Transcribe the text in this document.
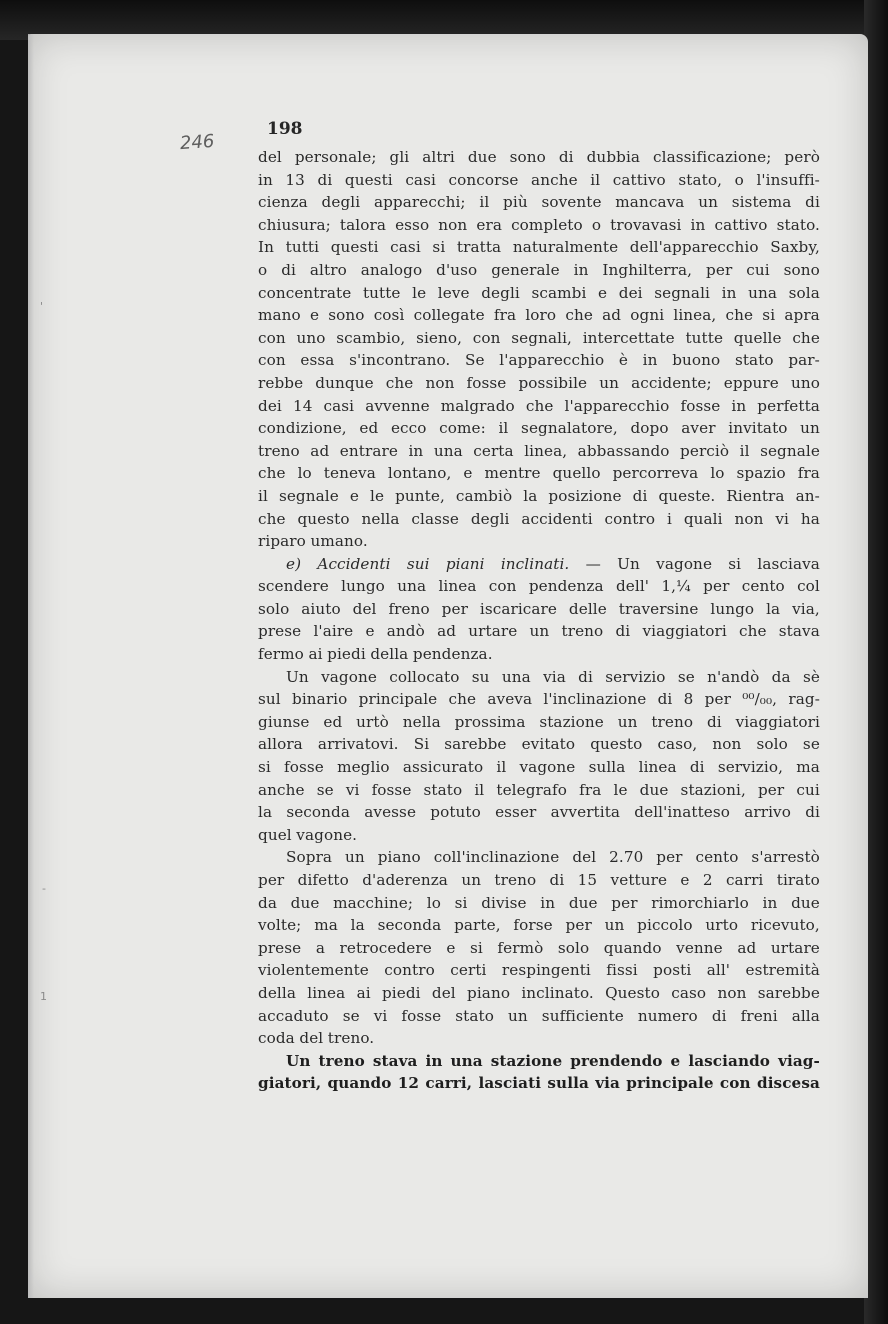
246
198
'
-
1
del personale; gli altri due sono di dubbia classificazione; però
in 13 di questi casi concorse anche il cattivo stato, o l'insuffi-
cienza degli apparecchi; il più sovente mancava un sistema di
chiusura; talora esso non era completo o trovavasi in cattivo stato.
In tutti questi casi si tratta naturalmente dell'apparecchio Saxby,
o di altro analogo d'uso generale in Inghilterra, per cui sono
concentrate tutte le leve degli scambi e dei segnali in una sola
mano e sono così collegate fra loro che ad ogni linea, che si apra
con uno scambio, sieno, con segnali, intercettate tutte quelle che
con essa s'incontrano. Se l'apparecchio è in buono stato par-
rebbe dunque che non fosse possibile un accidente; eppure uno
dei 14 casi avvenne malgrado che l'apparecchio fosse in perfetta
condizione, ed ecco come: il segnalatore, dopo aver invitato un
treno ad entrare in una certa linea, abbassando perciò il segnale
che lo teneva lontano, e mentre quello percorreva lo spazio fra
il segnale e le punte, cambiò la posizione di queste. Rientra an-
che questo nella classe degli accidenti contro i quali non vi ha
riparo umano.
e) Accidenti sui piani inclinati. — Un vagone si lasciava
scendere lungo una linea con pendenza dell' 1,¼ per cento col
solo aiuto del freno per iscaricare delle traversine lungo la via,
prese l'aire e andò ad urtare un treno di viaggiatori che stava
fermo ai piedi della pendenza.
Un vagone collocato su una via di servizio se n'andò da sè
sul binario principale che aveva l'inclinazione di 8 per ⁰⁰/₀₀, rag-
giunse ed urtò nella prossima stazione un treno di viaggiatori
allora arrivatovi. Si sarebbe evitato questo caso, non solo se
si fosse meglio assicurato il vagone sulla linea di servizio, ma
anche se vi fosse stato il telegrafo fra le due stazioni, per cui
la seconda avesse potuto esser avvertita dell'inatteso arrivo di
quel vagone.
Sopra un piano coll'inclinazione del 2.70 per cento s'arrestò
per difetto d'aderenza un treno di 15 vetture e 2 carri tirato
da due macchine; lo si divise in due per rimorchiarlo in due
volte; ma la seconda parte, forse per un piccolo urto ricevuto,
prese a retrocedere e si fermò solo quando venne ad urtare
violentemente contro certi respingenti fissi posti all' estremità
della linea ai piedi del piano inclinato. Questo caso non sarebbe
accaduto se vi fosse stato un sufficiente numero di freni alla
coda del treno.
Un treno stava in una stazione prendendo e lasciando viag-
giatori, quando 12 carri, lasciati sulla via principale con discesa
